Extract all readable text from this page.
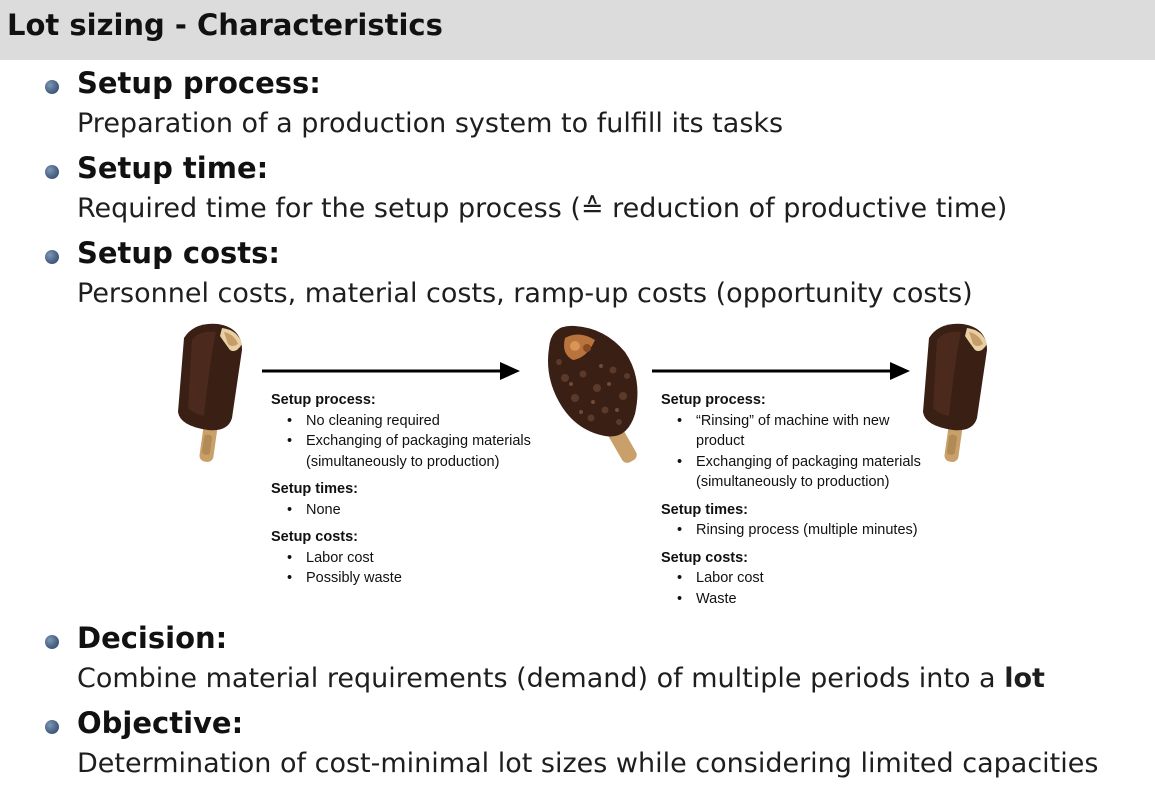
Lot sizing - Characteristics
Setup process:
Preparation of a production system to fulfill its tasks
Setup time:
Required time for the setup process (≙ reduction of productive time)
Setup costs:
Personnel costs, material costs, ramp-up costs (opportunity costs)
Setup process:
• No cleaning required
• Exchanging of packaging materials (simultaneously to production)
Setup times:
• None
Setup costs:
• Labor cost
• Possibly waste
Setup process:
• “Rinsing” of machine with new product
• Exchanging of packaging materials (simultaneously to production)
Setup times:
• Rinsing process (multiple minutes)
Setup costs:
• Labor cost
• Waste
Decision:
Combine material requirements (demand) of multiple periods into a lot
Objective:
Determination of cost-minimal lot sizes while considering limited capacities
